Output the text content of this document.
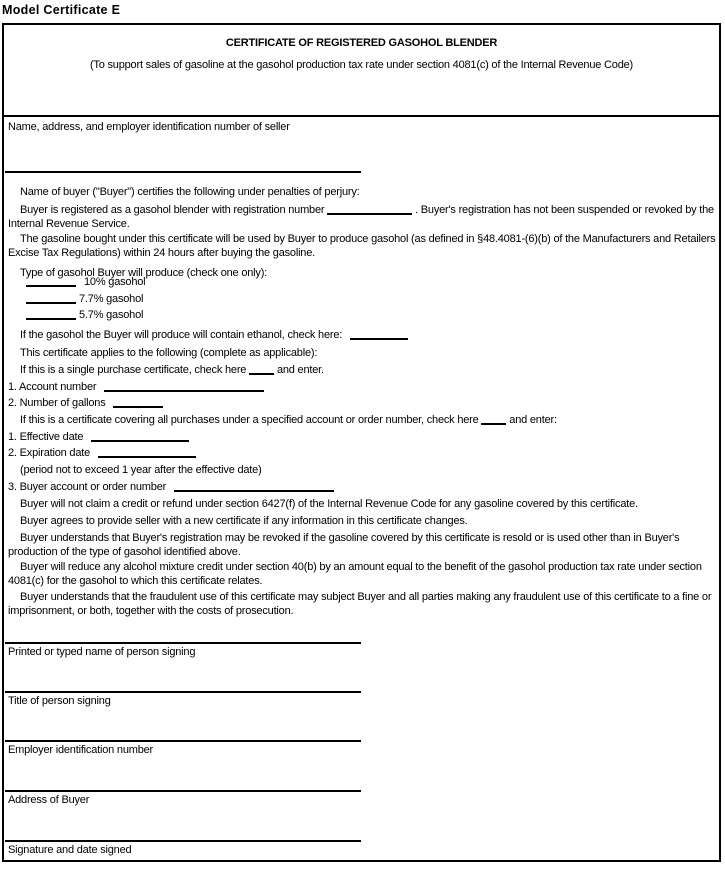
Model Certificate E
CERTIFICATE OF REGISTERED GASOHOL BLENDER
(To support sales of gasoline at the gasohol production tax rate under section 4081(c) of the Internal Revenue Code)
Name, address, and employer identification number of seller
Name of buyer ("Buyer") certifies the following under penalties of perjury:
Buyer is registered as a gasohol blender with registration number	. Buyer's registration has not been suspended or revoked by the Internal Revenue Service.
The gasoline bought under this certificate will be used by Buyer to produce gasohol (as defined in §48.4081-(6)(b) of the Manufacturers and Retailers Excise Tax Regulations) within 24 hours after buying the gasoline.
Type of gasohol Buyer will produce (check one only):
10% gasohol
7.7% gasohol
5.7% gasohol
If the gasohol the Buyer will produce will contain ethanol, check here:
This certificate applies to the following (complete as applicable):
If this is a single purchase certificate, check here	and enter.
1. Account number
2. Number of gallons
If this is a certificate covering all purchases under a specified account or order number, check here	and enter:
1. Effective date
2. Expiration date
(period not to exceed 1 year after the effective date)
3. Buyer account or order number
Buyer will not claim a credit or refund under section 6427(f) of the Internal Revenue Code for any gasoline covered by this certificate.
Buyer agrees to provide seller with a new certificate if any information in this certificate changes.
Buyer understands that Buyer's registration may be revoked if the gasoline covered by this certificate is resold or is used other than in Buyer's production of the type of gasohol identified above.
Buyer will reduce any alcohol mixture credit under section 40(b) by an amount equal to the benefit of the gasohol production tax rate under section 4081(c) for the gasohol to which this certificate relates.
Buyer understands that the fraudulent use of this certificate may subject Buyer and all parties making any fraudulent use of this certificate to a fine or imprisonment, or both, together with the costs of prosecution.
Printed or typed name of person signing
Title of person signing
Employer identification number
Address of Buyer
Signature and date signed
